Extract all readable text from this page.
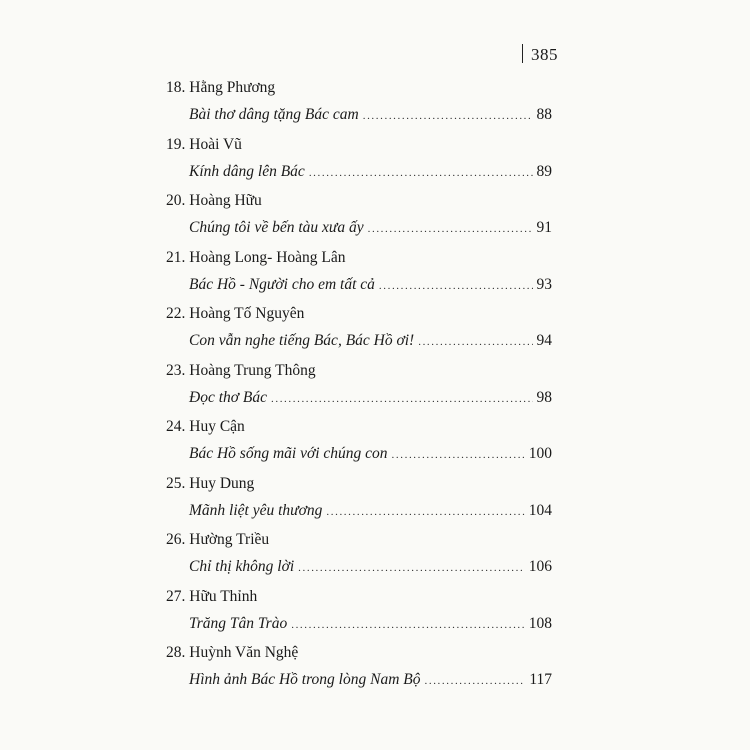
385
18. Hằng Phương
Bài thơ dâng tặng Bác cam .....	88
19. Hoài Vũ
Kính dâng lên Bác .....	89
20. Hoàng Hữu
Chúng tôi về bến tàu xưa ấy .....	91
21. Hoàng Long- Hoàng Lân
Bác Hồ - Người cho em tất cả .....	93
22. Hoàng Tố Nguyên
Con vẫn nghe tiếng Bác, Bác Hồ ơi! .....	94
23. Hoàng Trung Thông
Đọc thơ Bác .....	98
24. Huy Cận
Bác Hồ sống mãi với chúng con .....	100
25. Huy Dung
Mãnh liệt yêu thương .....	104
26. Hường Triều
Chỉ thị không lời .....	106
27. Hữu Thỉnh
Trăng Tân Trào .....	108
28. Huỳnh Văn Nghệ
Hình ảnh Bác Hồ trong lòng Nam Bộ .....	117
